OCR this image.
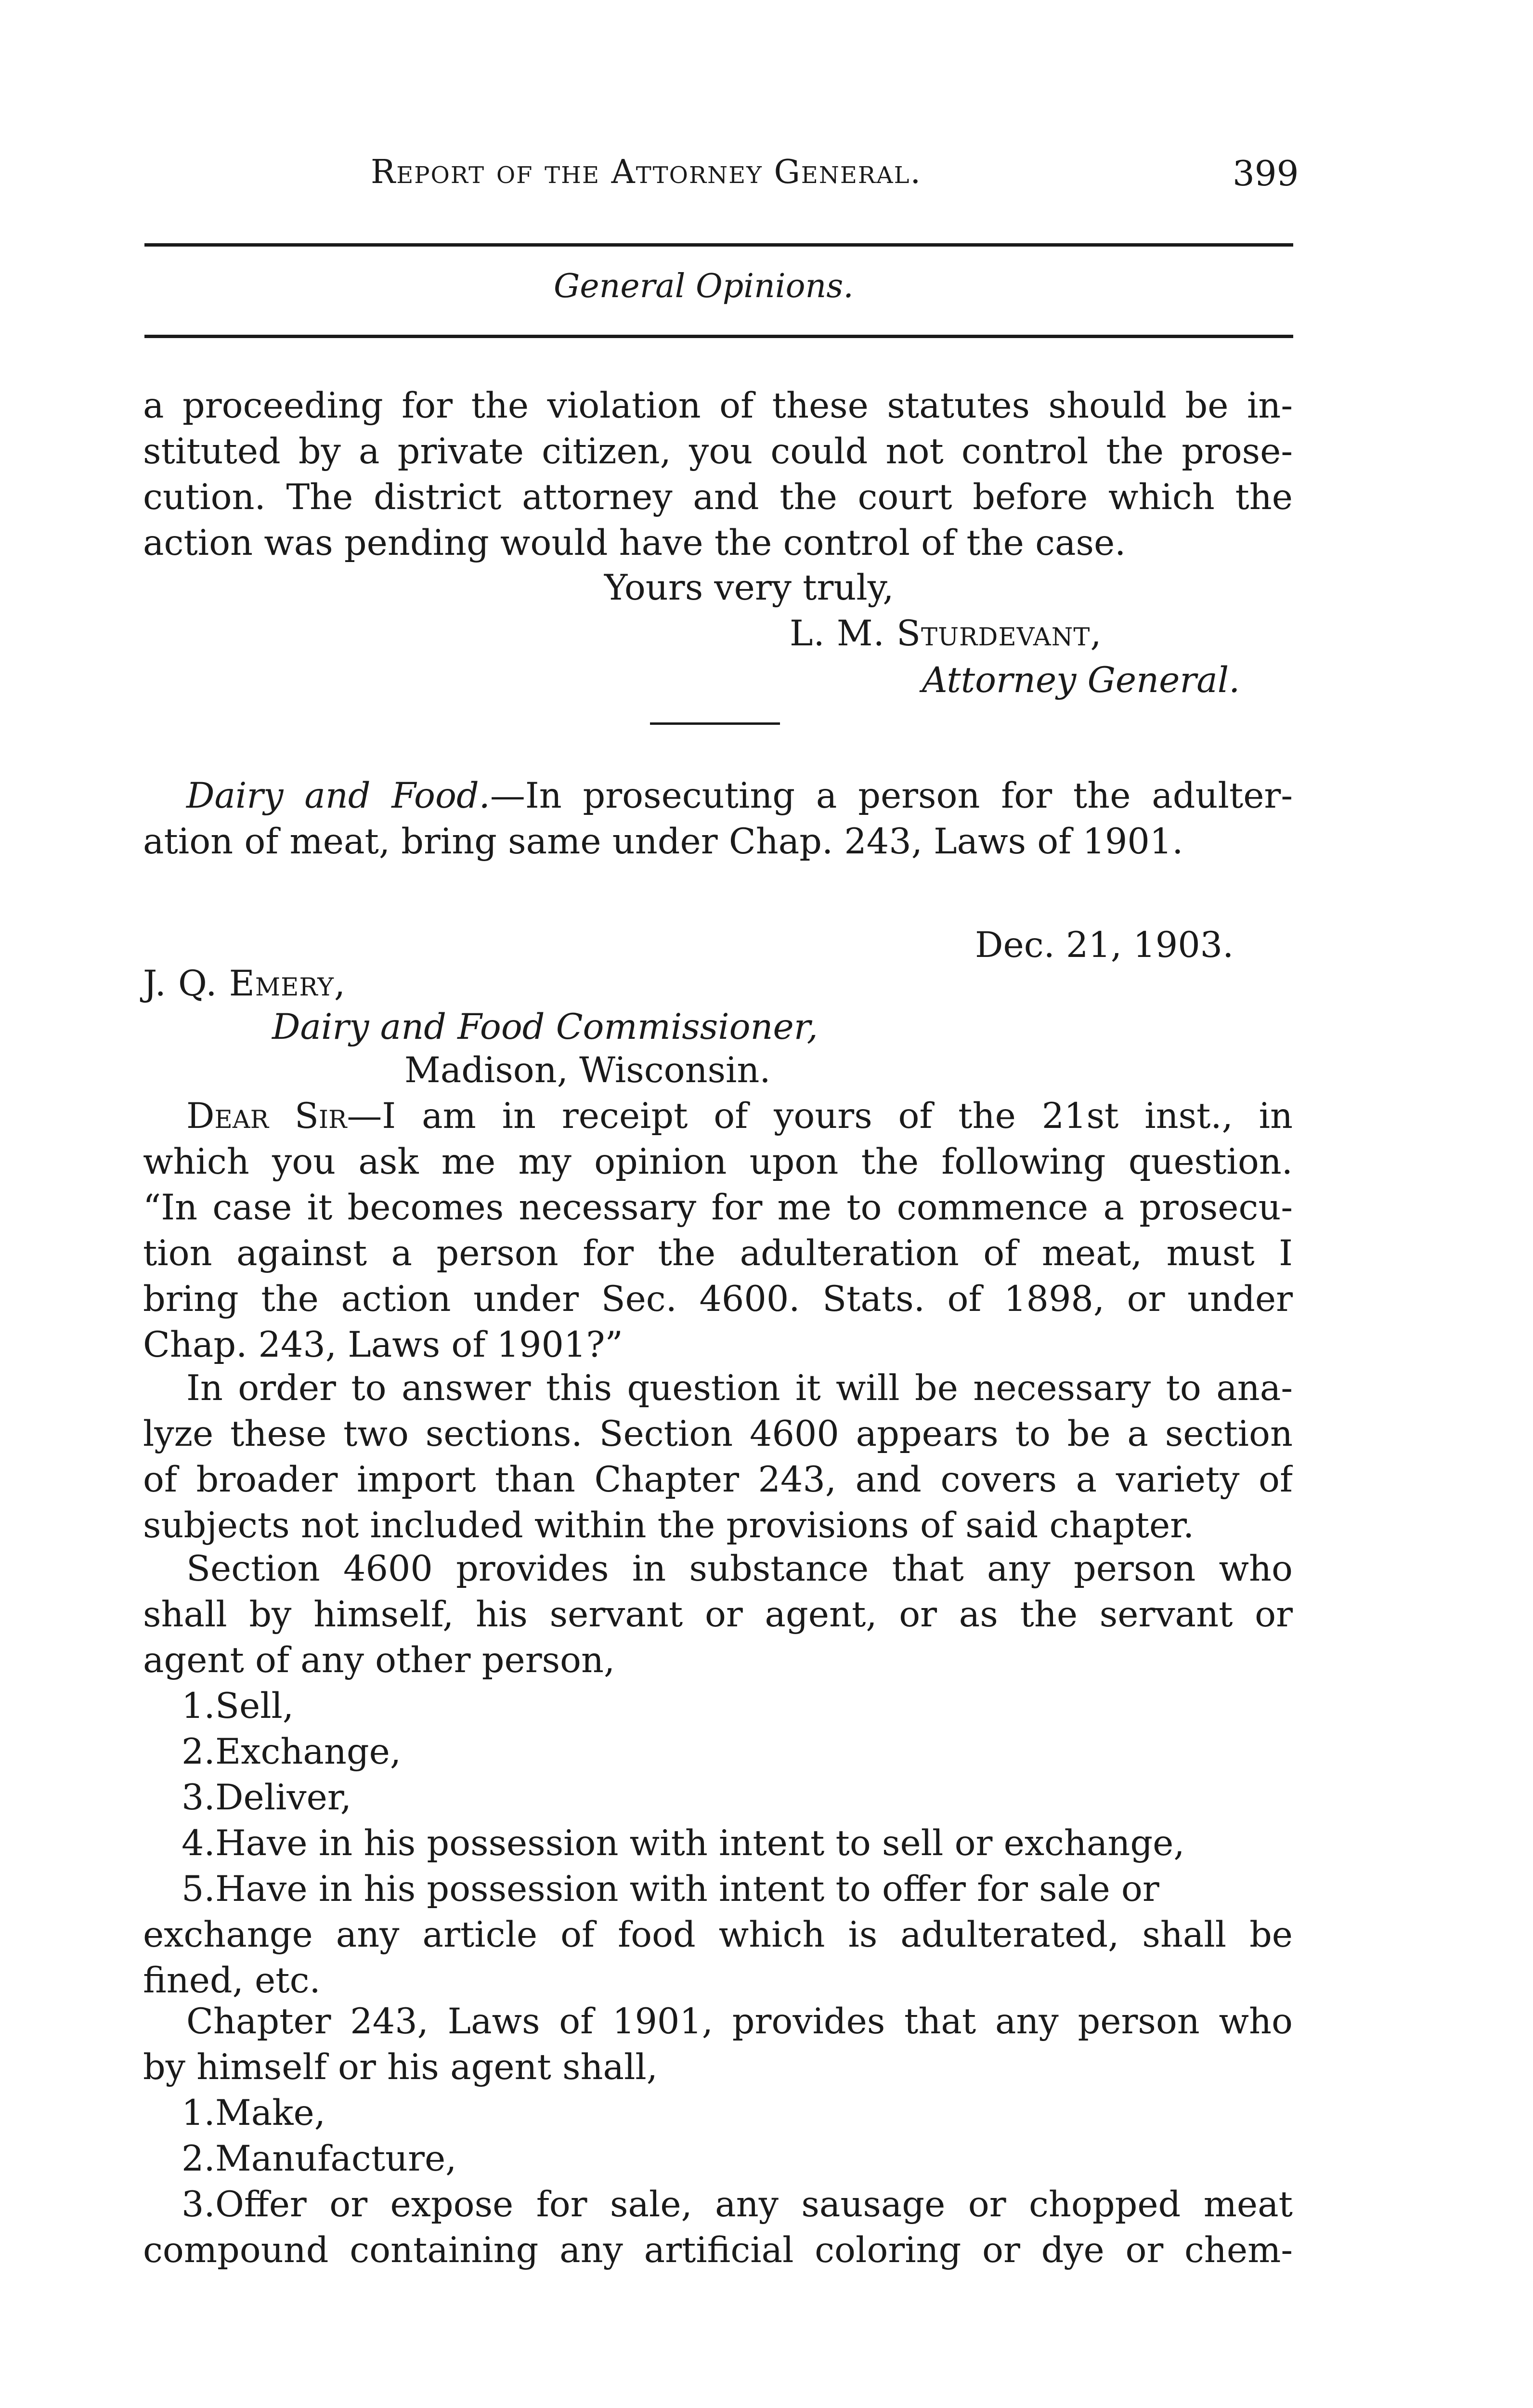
Report of the Attorney General.	399
General Opinions.
a proceeding for the violation of these statutes should be in-
stituted by a private citizen, you could not control the prose-
cution. The district attorney and the court before which the
action was pending would have the control of the case.
Yours very truly,
L. M. Sturdevant,
Attorney General.
Dairy and Food.—In prosecuting a person for the adulter-
ation of meat, bring same under Chap. 243, Laws of 1901.
Dec. 21, 1903.
J. Q. Emery,
Dairy and Food Commissioner,
Madison, Wisconsin.
Dear Sir—I am in receipt of yours of the 21st inst., in
which you ask me my opinion upon the following question.
“In case it becomes necessary for me to commence a prosecu-
tion against a person for the adulteration of meat, must I
bring the action under Sec. 4600. Stats. of 1898, or under
Chap. 243, Laws of 1901?”
In order to answer this question it will be necessary to ana-
lyze these two sections. Section 4600 appears to be a section
of broader import than Chapter 243, and covers a variety of
subjects not included within the provisions of said chapter.
Section 4600 provides in substance that any person who
shall by himself, his servant or agent, or as the servant or
agent of any other person,
1.Sell,
2.Exchange,
3.Deliver,
4.Have in his possession with intent to sell or exchange,
5.Have in his possession with intent to offer for sale or
exchange any article of food which is adulterated, shall be
fined, etc.
Chapter 243, Laws of 1901, provides that any person who
by himself or his agent shall,
1.Make,
2.Manufacture,
3.Offer or expose for sale, any sausage or chopped meat
compound containing any artificial coloring or dye or chem-
